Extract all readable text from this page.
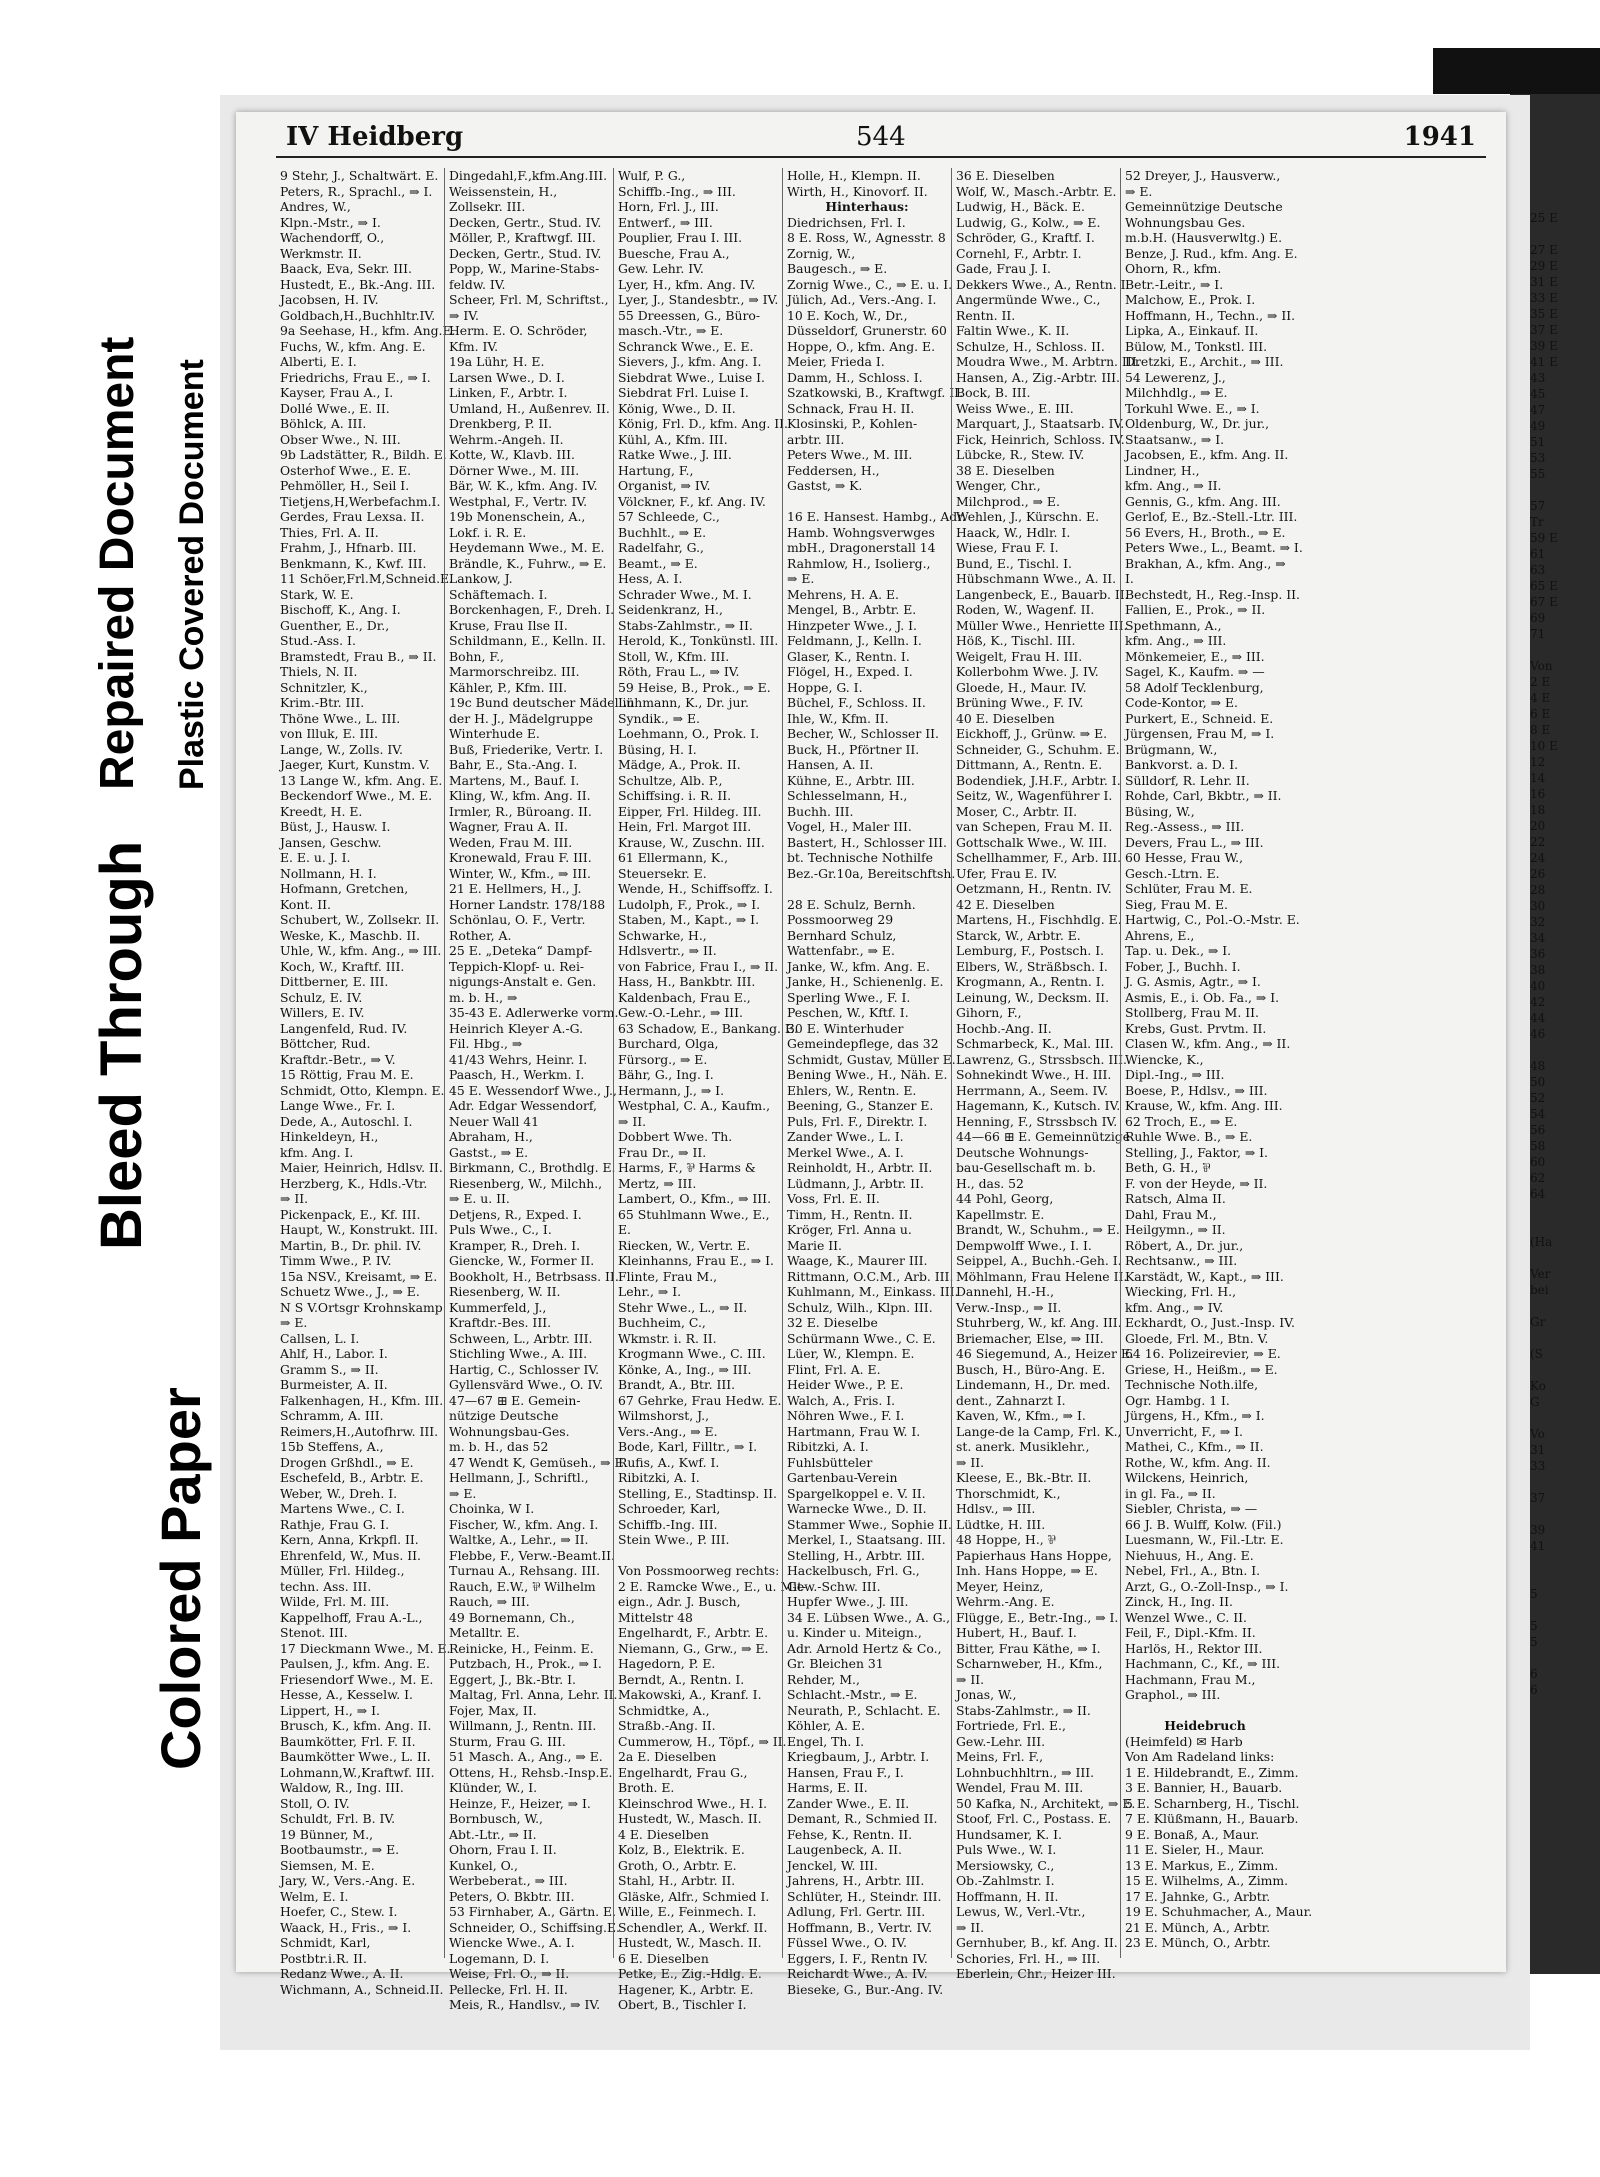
Bleed Through
Repaired Document Plastic Covered Document
Colored Paper
25 E

27 E
29 E
31 E
33 E
35 E
37 E
39 E
41 E
43
45
47
49
51
53
55

57
Tr
59 E
61
63
65 E
67 E
69
71

Von
2 E
4 E
6 E
8 E
10 E
12
14
16
18
20
22
24
26
28
30
32
34
36
38
40
42
44
46

48
50
52
54
56
58
60
62
64

(Ha

Ver
bei

Gr

(S

Ko
G

Vo
31
33

37

39
41

5

5
5

6
6
IV Heidberg	544	1941
9 Stehr, J., Schaltwärt. E.
Peters, R., Sprachl., ⇒ I.
Andres, W.,
Klpn.-Mstr., ⇒ I.
Wachendorff, O.,
Werkmstr. II.
Baack, Eva, Sekr. III.
Hustedt, E., Bk.-Ang. III.
Jacobsen, H. IV.
Goldbach,H.,Buchhltr.IV.
9a Seehase, H., kfm. Ang.E.
Fuchs, W., kfm. Ang. E.
Alberti, E. I.
Friedrichs, Frau E., ⇒ I.
Kayser, Frau A., I.
Dollé Wwe., E. II.
Böhlck, A. III.
Obser Wwe., N. III.
9b Ladstätter, R., Bildh. E.
Osterhof Wwe., E. E.
Pehmöller, H., Seil I.
Tietjens,H,Werbefachm.I.
Gerdes, Frau Lexsa. II.
Thies, Frl. A. II.
Frahm, J., Hfnarb. III.
Benkmann, K., Kwf. III.
11 Schöer,Frl.M,Schneid.E.
Stark, W. E.
Bischoff, K., Ang. I.
Guenther, E., Dr.,
Stud.-Ass. I.
Bramstedt, Frau B., ⇒ II.
Thiels, N. II.
Schnitzler, K.,
Krim.-Btr. III.
Thöne Wwe., L. III.
von Illuk, E. III.
Lange, W., Zolls. IV.
Jaeger, Kurt, Kunstm. V.
13 Lange W., kfm. Ang. E.
Beckendorf Wwe., M. E.
Kreedt, H. E.
Büst, J., Hausw. I.
Jansen, Geschw.
E. E. u. J. I.
Nollmann, H. I.
Hofmann, Gretchen,
Kont. II.
Schubert, W., Zollsekr. II.
Weske, K., Maschb. II.
Uhle, W., kfm. Ang., ⇒ III.
Koch, W., Kraftf. III.
Dittberner, E. III.
Schulz, E. IV.
Willers, E. IV.
Langenfeld, Rud. IV.
Böttcher, Rud.
Kraftdr.-Betr., ⇒ V.
15 Röttig, Frau M. E.
Schmidt, Otto, Klempn. E.
Lange Wwe., Fr. I.
Dede, A., Autoschl. I.
Hinkeldeyn, H.,
kfm. Ang. I.
Maier, Heinrich, Hdlsv. II.
Herzberg, K., Hdls.-Vtr.
⇒ II.
Pickenpack, E., Kf. III.
Haupt, W., Konstrukt. III.
Martin, B., Dr. phil. IV.
Timm Wwe., P. IV.
15a NSV., Kreisamt, ⇒ E.
Schuetz Wwe., J., ⇒ E.
N S V.Ortsgr Krohnskamp
⇒ E.
Callsen, L. I.
Ahlf, H., Labor. I.
Gramm S., ⇒ II.
Burmeister, A. II.
Falkenhagen, H., Kfm. III.
Schramm, A. III.
Reimers,H.,Autofhrw. III.
15b Steffens, A.,
Drogen Grßhdl., ⇒ E.
Eschefeld, B., Arbtr. E.
Weber, W., Dreh. I.
Martens Wwe., C. I.
Rathje, Frau G. I.
Kern, Anna, Krkpfl. II.
Ehrenfeld, W., Mus. II.
Müller, Frl. Hildeg.,
techn. Ass. III.
Wilde, Frl. M. III.
Kappelhoff, Frau A.-L.,
Stenot. III.
17 Dieckmann Wwe., M. E.
Paulsen, J., kfm. Ang. E.
Friesendorf Wwe., M. E.
Hesse, A., Kesselw. I.
Lippert, H., ⇒ I.
Brusch, K., kfm. Ang. II.
Baumkötter, Frl. F. II.
Baumkötter Wwe., L. II.
Lohmann,W.,Kraftwf. III.
Waldow, R., Ing. III.
Stoll, O. IV.
Schuldt, Frl. B. IV.
19 Bünner, M.,
Bootbaumstr., ⇒ E.
Siemsen, M. E.
Jary, W., Vers.-Ang. E.
Welm, E. I.
Hoefer, C., Stew. I.
Waack, H., Fris., ⇒ I.
Schmidt, Karl,
Postbtr.i.R. II.
Redanz Wwe., A. II.
Wichmann, A., Schneid.II.
Dingedahl,F.,kfm.Ang.III.
Weissenstein, H.,
Zollsekr. III.
Decken, Gertr., Stud. IV.
Möller, P., Kraftwgf. III.
Decken, Gertr., Stud. IV.
Popp, W., Marine-Stabs-
feldw. IV.
Scheer, Frl. M, Schriftst.,
⇒ IV.
Herm. E. O. Schröder,
Kfm. IV.
19a Lühr, H. E.
Larsen Wwe., D. I.
Linken, F., Arbtr. I.
Umland, H., Außenrev. II.
Drenkberg, P. II.
Wehrm.-Angeh. II.
Kotte, W., Klavb. III.
Dörner Wwe., M. III.
Bär, W. K., kfm. Ang. IV.
Westphal, F., Vertr. IV.
19b Monenschein, A.,
Lokf. i. R. E.
Heydemann Wwe., M. E.
Brändle, K., Fuhrw., ⇒ E.
Lankow, J.
Schäftemach. I.
Borckenhagen, F., Dreh. I.
Kruse, Frau Ilse II.
Schildmann, E., Kelln. II.
Bohn, F.,
Marmorschreibz. III.
Kähler, P., Kfm. III.
19c Bund deutscher Mädel in
der H. J., Mädelgruppe
Winterhude E.
Buß, Friederike, Vertr. I.
Bahr, E., Sta.-Ang. I.
Martens, M., Bauf. I.
Kling, W., kfm. Ang. II.
Irmler, R., Büroang. II.
Wagner, Frau A. II.
Weden, Frau M. III.
Kronewald, Frau F. III.
Winter, W., Kfm., ⇒ III.
21 E. Hellmers, H., J.
Horner Landstr. 178/188
Schönlau, O. F., Vertr.
Rother, A.
25 E. „Deteka“ Dampf-
Teppich-Klopf- u. Rei-
nigungs-Anstalt e. Gen.
m. b. H., ⇒
35-43 E. Adlerwerke vorm.
Heinrich Kleyer A.-G.
Fil. Hbg., ⇒
41/43 Wehrs, Heinr. I.
Paasch, H., Werkm. I.
45 E. Wessendorf Wwe., J.,
Adr. Edgar Wessendorf,
Neuer Wall 41
Abraham, H.,
Gastst., ⇒ E.
Birkmann, C., Brothdlg. E.
Riesenberg, W., Milchh.,
⇒ E. u. II.
Detjens, R., Exped. I.
Puls Wwe., C., I.
Kramper, R., Dreh. I.
Giencke, W., Former II.
Bookholt, H., Betrbsass. II.
Riesenberg, W. II.
Kummerfeld, J.,
Kraftdr.-Bes. III.
Schween, L., Arbtr. III.
Stichling Wwe., A. III.
Hartig, C., Schlosser IV.
Gyllensvärd Wwe., O. IV.
47—67 ⊞ E. Gemein-
nützige Deutsche
Wohnungsbau-Ges.
m. b. H., das 52
47 Wendt K, Gemüseh., ⇒ E.
Hellmann, J., Schriftl.,
⇒ E.
Choinka, W I.
Fischer, W., kfm. Ang. I.
Waltke, A., Lehr., ⇒ II.
Flebbe, F., Verw.-Beamt.II.
Turnau A., Rehsang. III.
Rauch, E.W., ⅌ Wilhelm
Rauch, ⇒ III.
49 Bornemann, Ch.,
Metalltr. E.
Reinicke, H., Feinm. E.
Putzbach, H., Prok., ⇒ I.
Eggert, J., Bk.-Btr. I.
Maltag, Frl. Anna, Lehr. II.
Fojer, Max, II.
Willmann, J., Rentn. III.
Sturm, Frau G. III.
51 Masch. A., Ang., ⇒ E.
Ottens, H., Rehsb.-Insp.E.
Klünder, W., I.
Heinze, F., Heizer, ⇒ I.
Bornbusch, W.,
Abt.-Ltr., ⇒ II.
Ohorn, Frau I. II.
Kunkel, O.,
Werbeberat., ⇒ III.
Peters, O. Bkbtr. III.
53 Firnhaber, A., Gärtn. E.
Schneider, O., Schiffsing.E.
Wiencke Wwe., A. I.
Logemann, D. I.
Weise, Frl. O., ⇒ II.
Pellecke, Frl. H. II.
Meis, R., Handlsv., ⇒ IV.
Wulf, P. G.,
Schiffb.-Ing., ⇒ III.
Horn, Frl. J., III.
Entwerf., ⇒ III.
Pouplier, Frau I. III.
Buesche, Frau A.,
Gew. Lehr. IV.
Lyer, H., kfm. Ang. IV.
Lyer, J., Standesbtr., ⇒ IV.
55 Dreessen, G., Büro-
masch.-Vtr., ⇒ E.
Schranck Wwe., E. E.
Sievers, J., kfm. Ang. I.
Siebdrat Wwe., Luise I.
Siebdrat Frl. Luise I.
König, Wwe., D. II.
König, Frl. D., kfm. Ang. II.
Kühl, A., Kfm. III.
Ratke Wwe., J. III.
Hartung, F.,
Organist, ⇒ IV.
Völckner, F., kf. Ang. IV.
57 Schleede, C.,
Buchhlt., ⇒ E.
Radelfahr, G.,
Beamt., ⇒ E.
Hess, A. I.
Schrader Wwe., M. I.
Seidenkranz, H.,
Stabs-Zahlmstr., ⇒ II.
Herold, K., Tonkünstl. III.
Stoll, W., Kfm. III.
Röth, Frau L., ⇒ IV.
59 Heise, B., Prok., ⇒ E.
Lühmann, K., Dr. jur.
Syndik., ⇒ E.
Loehmann, O., Prok. I.
Büsing, H. I.
Mädge, A., Prok. II.
Schultze, Alb. P.,
Schiffsing. i. R. II.
Eipper, Frl. Hildeg. III.
Hein, Frl. Margot III.
Krause, W., Zuschn. III.
61 Ellermann, K.,
Steuersekr. E.
Wende, H., Schiffsoffz. I.
Ludolph, F., Prok., ⇒ I.
Staben, M., Kapt., ⇒ I.
Schwarke, H.,
Hdlsvertr., ⇒ II.
von Fabrice, Frau I., ⇒ II.
Hass, H., Bankbtr. III.
Kaldenbach, Frau E.,
Gew.-O.-Lehr., ⇒ III.
63 Schadow, E., Bankang. E.
Burchard, Olga,
Fürsorg., ⇒ E.
Bähr, G., Ing. I.
Hermann, J., ⇒ I.
Westphal, C. A., Kaufm.,
⇒ II.
Dobbert Wwe. Th.
Frau Dr., ⇒ II.
Harms, F., ⅌ Harms &
Mertz, ⇒ III.
Lambert, O., Kfm., ⇒ III.
65 Stuhlmann Wwe., E.,
E.
Riecken, W., Vertr. E.
Kleinhanns, Frau E., ⇒ I.
Flinte, Frau M.,
Lehr., ⇒ I.
Stehr Wwe., L., ⇒ II.
Buchheim, C.,
Wkmstr. i. R. II.
Krogmann Wwe., C. III.
Könke, A., Ing., ⇒ III.
Brandt, A., Btr. III.
67 Gehrke, Frau Hedw. E.
Wilmshorst, J.,
Vers.-Ang., ⇒ E.
Bode, Karl, Filltr., ⇒ I.
Rufis, A., Kwf. I.
Ribitzki, A. I.
Stelling, E., Stadtinsp. II.
Schroeder, Karl,
Schiffb.-Ing. III.
Stein Wwe., P. III.

Von Possmoorweg rechts:
2 E. Ramcke Wwe., E., u. Mit-
eign., Adr. J. Busch,
Mittelstr 48
Engelhardt, F., Arbtr. E.
Niemann, G., Grw., ⇒ E.
Hagedorn, P. E.
Berndt, A., Rentn. I.
Makowski, A., Kranf. I.
Schmidtke, A.,
Straßb.-Ang. II.
Cummerow, H., Töpf., ⇒ II.
2a E. Dieselben
Engelhardt, Frau G.,
Broth. E.
Kleinschrod Wwe., H. I.
Hustedt, W., Masch. II.
4 E. Dieselben
Kolz, B., Elektrik. E.
Groth, O., Arbtr. E.
Stahl, H., Arbtr. II.
Gläske, Alfr., Schmied I.
Wille, E., Feinmech. I.
Schendler, A., Werkf. II.
Hustedt, W., Masch. II.
6 E. Dieselben
Petke, E., Zig.-Hdlg. E.
Hagener, K., Arbtr. E.
Obert, B., Tischler I.
Holle, H., Klempn. II.
Wirth, H., Kinovorf. II.
Hinterhaus:
Diedrichsen, Frl. I.
8 E. Ross, W., Agnesstr. 8
Zornig, W.,
Baugesch., ⇒ E.
Zornig Wwe., C., ⇒ E. u. I.
Jülich, Ad., Vers.-Ang. I.
10 E. Koch, W., Dr.,
Düsseldorf, Grunerstr. 60
Hoppe, O., kfm. Ang. E.
Meier, Frieda I.
Damm, H., Schloss. I.
Szatkowski, B., Kraftwgf. II.
Schnack, Frau H. II.
Klosinski, P., Kohlen-
arbtr. III.
Peters Wwe., M. III.
Feddersen, H.,
Gastst, ⇒ K.

16 E. Hansest. Hambg., Adr.
Hamb. Wohngsverwges
mbH., Dragonerstall 14
Rahmlow, H., Isolierg.,
⇒ E.
Mehrens, H. A. E.
Mengel, B., Arbtr. E.
Hinzpeter Wwe., J. I.
Feldmann, J., Kelln. I.
Glaser, K., Rentn. I.
Flögel, H., Exped. I.
Hoppe, G. I.
Büchel, F., Schloss. II.
Ihle, W., Kfm. II.
Becher, W., Schlosser II.
Buck, H., Pförtner II.
Hansen, A. II.
Kühne, E., Arbtr. III.
Schlesselmann, H.,
Buchh. III.
Vogel, H., Maler III.
Bastert, H., Schlosser III.
bt. Technische Nothilfe
Bez.-Gr.10a, Bereitschftsh.

28 E. Schulz, Bernh.
Possmoorweg 29
Bernhard Schulz,
Wattenfabr., ⇒ E.
Janke, W., kfm. Ang. E.
Janke, H., Schienenlg. E.
Sperling Wwe., F. I.
Peschen, W., Kftf. I.
30 E. Winterhuder
Gemeindepflege, das 32
Schmidt, Gustav, Müller E.
Bening Wwe., H., Näh. E.
Ehlers, W., Rentn. E.
Beening, G., Stanzer E.
Puls, Frl. F., Direktr. I.
Zander Wwe., L. I.
Merkel Wwe., A. I.
Reinholdt, H., Arbtr. II.
Lüdmann, J., Arbtr. II.
Voss, Frl. E. II.
Timm, H., Rentn. II.
Kröger, Frl. Anna u.
Marie II.
Waage, K., Maurer III.
Rittmann, O.C.M., Arb. III.
Kuhlmann, M., Einkass. III.
Schulz, Wilh., Klpn. III.
32 E. Dieselbe
Schürmann Wwe., C. E.
Lüer, W., Klempn. E.
Flint, Frl. A. E.
Heider Wwe., P. E.
Walch, A., Fris. I.
Nöhren Wwe., F. I.
Hartmann, Frau W. I.
Ribitzki, A. I.
Fuhlsbütteler
Gartenbau-Verein
Spargelkoppel e. V. II.
Warnecke Wwe., D. II.
Stammer Wwe., Sophie II.
Merkel, I., Staatsang. III.
Stelling, H., Arbtr. III.
Hackelbusch, Frl. G.,
Gew.-Schw. III.
Hupfer Wwe., J. III.
34 E. Lübsen Wwe., A. G.,
u. Kinder u. Miteign.,
Adr. Arnold Hertz & Co.,
Gr. Bleichen 31
Rehder, M.,
Schlacht.-Mstr., ⇒ E.
Neurath, P., Schlacht. E.
Köhler, A. E.
Engel, Th. I.
Kriegbaum, J., Arbtr. I.
Hansen, Frau F., I.
Harms, E. II.
Zander Wwe., E. II.
Demant, R., Schmied II.
Fehse, K., Rentn. II.
Laugenbeck, A. II.
Jenckel, W. III.
Jahrens, H., Arbtr. III.
Schlüter, H., Steindr. III.
Adlung, Frl. Gertr. III.
Hoffmann, B., Vertr. IV.
Füssel Wwe., O. IV.
Eggers, I. F., Rentn IV.
Reichardt Wwe., A. IV.
Bieseke, G., Bur.-Ang. IV.
36 E. Dieselben
Wolf, W., Masch.-Arbtr. E.
Ludwig, H., Bäck. E.
Ludwig, G., Kolw., ⇒ E.
Schröder, G., Kraftf. I.
Cornehl, F., Arbtr. I.
Gade, Frau J. I.
Dekkers Wwe., A., Rentn. I.
Angermünde Wwe., C.,
Rentn. II.
Faltin Wwe., K. II.
Schulze, H., Schloss. II.
Moudra Wwe., M. Arbtrn. III.
Hansen, A., Zig.-Arbtr. III.
Bock, B. III.
Weiss Wwe., E. III.
Marquart, J., Staatsarb. IV.
Fick, Heinrich, Schloss. IV.
Lübcke, R., Stew. IV.
38 E. Dieselben
Wenger, Chr.,
Milchprod., ⇒ E.
Wehlen, J., Kürschn. E.
Haack, W., Hdlr. I.
Wiese, Frau F. I.
Bund, E., Tischl. I.
Hübschmann Wwe., A. II.
Langenbeck, E., Bauarb. II.
Roden, W., Wagenf. II.
Müller Wwe., Henriette III.
Höß, K., Tischl. III.
Weigelt, Frau H. III.
Kollerbohm Wwe. J. IV.
Gloede, H., Maur. IV.
Brüning Wwe., F. IV.
40 E. Dieselben
Eickhoff, J., Grünw. ⇒ E.
Schneider, G., Schuhm. E.
Dittmann, A., Rentn. E.
Bodendiek, J.H.F., Arbtr. I.
Seitz, W., Wagenführer I.
Moser, C., Arbtr. II.
van Schepen, Frau M. II.
Gottschalk Wwe., W. III.
Schellhammer, F., Arb. III.
Ufer, Frau E. IV.
Oetzmann, H., Rentn. IV.
42 E. Dieselben
Martens, H., Fischhdlg. E.
Starck, W., Arbtr. E.
Lemburg, F., Postsch. I.
Elbers, W., Sträßbsch. I.
Krogmann, A., Rentn. I.
Leinung, W., Decksm. II.
Gihorn, F.,
Hochb.-Ang. II.
Schmarbeck, K., Mal. III.
Lawrenz, G., Strssbsch. III.
Sohnekindt Wwe., H. III.
Herrmann, A., Seem. IV.
Hagemann, K., Kutsch. IV.
Henning, F., Strssbsch IV.
44—66 ⊞ E. Gemeinnützige
Deutsche Wohnungs-
bau-Gesellschaft m. b.
H., das. 52
44 Pohl, Georg,
Kapellmstr. E.
Brandt, W., Schuhm., ⇒ E.
Dempwolff Wwe., I. I.
Seippel, A., Buchh.-Geh. I.
Möhlmann, Frau Helene II.
Dannehl, H.-H.,
Verw.-Insp., ⇒ II.
Stuhrberg, W., kf. Ang. III.
Briemacher, Else, ⇒ III.
46 Siegemund, A., Heizer E.
Busch, H., Büro-Ang. E.
Lindemann, H., Dr. med.
dent., Zahnarzt I.
Kaven, W., Kfm., ⇒ I.
Lange-de la Camp, Frl. K.,
st. anerk. Musiklehr.,
⇒ II.
Kleese, E., Bk.-Btr. II.
Thorschmidt, K.,
Hdlsv., ⇒ III.
Lüdtke, H. III.
48 Hoppe, H., ⅌
Papierhaus Hans Hoppe,
Inh. Hans Hoppe, ⇒ E.
Meyer, Heinz,
Wehrm.-Ang. E.
Flügge, E., Betr.-Ing., ⇒ I.
Hubert, H., Bauf. I.
Bitter, Frau Käthe, ⇒ I.
Scharnweber, H., Kfm.,
⇒ II.
Jonas, W.,
Stabs-Zahlmstr., ⇒ II.
Fortriede, Frl. E.,
Gew.-Lehr. III.
Meins, Frl. F.,
Lohnbuchhltrn., ⇒ III.
Wendel, Frau M. III.
50 Kafka, N., Architekt, ⇒ E.
Stoof, Frl. C., Postass. E.
Hundsamer, K. I.
Puls Wwe., W. I.
Mersiowsky, C.,
Ob.-Zahlmstr. I.
Hoffmann, H. II.
Lewus, W., Verl.-Vtr.,
⇒ II.
Gernhuber, B., kf. Ang. II.
Schories, Frl. H., ⇒ III.
Eberlein, Chr., Heizer III.
52 Dreyer, J., Hausverw.,
⇒ E.
Gemeinnützige Deutsche
Wohnungsbau Ges.
m.b.H. (Hausverwltg.) E.
Benze, J. Rud., kfm. Ang. E.
Ohorn, R., kfm.
Betr.-Leitr., ⇒ I.
Malchow, E., Prok. I.
Hoffmann, H., Techn., ⇒ II.
Lipka, A., Einkauf. II.
Bülow, M., Tonkstl. III.
Dretzki, E., Archit., ⇒ III.
54 Lewerenz, J.,
Milchhdlg., ⇒ E.
Torkuhl Wwe. E., ⇒ I.
Oldenburg, W., Dr. jur.,
Staatsanw., ⇒ I.
Jacobsen, E., kfm. Ang. II.
Lindner, H.,
kfm. Ang., ⇒ II.
Gennis, G., kfm. Ang. III.
Gerlof, E., Bz.-Stell.-Ltr. III.
56 Evers, H., Broth., ⇒ E.
Peters Wwe., L., Beamt. ⇒ I.
Brakhan, A., kfm. Ang., ⇒
I.
Bechstedt, H., Reg.-Insp. II.
Fallien, E., Prok., ⇒ II.
Spethmann, A.,
kfm. Ang., ⇒ III.
Mönkemeier, E., ⇒ III.
Sagel, K., Kaufm. ⇒ —
58 Adolf Tecklenburg,
Code-Kontor, ⇒ E.
Purkert, E., Schneid. E.
Jürgensen, Frau M, ⇒ I.
Brügmann, W.,
Bankvorst. a. D. I.
Sülldorf, R. Lehr. II.
Rohde, Carl, Bkbtr., ⇒ II.
Büsing, W.,
Reg.-Assess., ⇒ III.
Devers, Frau L., ⇒ III.
60 Hesse, Frau W.,
Gesch.-Ltrn. E.
Schlüter, Frau M. E.
Sieg, Frau M. E.
Hartwig, C., Pol.-O.-Mstr. E.
Ahrens, E.,
Tap. u. Dek., ⇒ I.
Fober, J., Buchh. I.
J. G. Asmis, Agtr., ⇒ I.
Asmis, E., i. Ob. Fa., ⇒ I.
Stollberg, Frau M. II.
Krebs, Gust. Prvtm. II.
Clasen W., kfm. Ang., ⇒ II.
Wiencke, K.,
Dipl.-Ing., ⇒ III.
Boese, P., Hdlsv., ⇒ III.
Krause, W., kfm. Ang. III.
62 Troch, E., ⇒ E.
Ruhle Wwe. B., ⇒ E.
Stelling, J., Faktor, ⇒ I.
Beth, G. H., ⅌
F. von der Heyde, ⇒ II.
Ratsch, Alma II.
Dahl, Frau M.,
Heilgymn., ⇒ II.
Röbert, A., Dr. jur.,
Rechtsanw., ⇒ III.
Karstädt, W., Kapt., ⇒ III.
Wiecking, Frl. H.,
kfm. Ang., ⇒ IV.
Eckhardt, O., Just.-Insp. IV.
Gloede, Frl. M., Btn. V.
64 16. Polizeirevier, ⇒ E.
Griese, H., Heißm., ⇒ E.
Technische Noth.ilfe,
Ogr. Hambg. 1 I.
Jürgens, H., Kfm., ⇒ I.
Unverricht, F., ⇒ I.
Mathei, C., Kfm., ⇒ II.
Rothe, W., kfm. Ang. II.
Wilckens, Heinrich,
in gl. Fa., ⇒ II.
Siebler, Christa, ⇒ —
66 J. B. Wulff, Kolw. (Fil.)
Luesmann, W., Fil.-Ltr. E.
Niehuus, H., Ang. E.
Nebel, Frl., A., Btn. I.
Arzt, G., O.-Zoll-Insp., ⇒ I.
Zinck, H., Ing. II.
Wenzel Wwe., C. II.
Feil, F., Dipl.-Kfm. II.
Harlös, H., Rektor III.
Hachmann, C., Kf., ⇒ III.
Hachmann, Frau M.,
Graphol., ⇒ III.

Heidebruch
(Heimfeld) ✉ Harb
Von Am Radeland links:
1 E. Hildebrandt, E., Zimm.
3 E. Bannier, H., Bauarb.
5 E. Scharnberg, H., Tischl.
7 E. Klüßmann, H., Bauarb.
9 E. Bonaß, A., Maur.
11 E. Sieler, H., Maur.
13 E. Markus, E., Zimm.
15 E. Wilhelms, A., Zimm.
17 E. Jahnke, G., Arbtr.
19 E. Schuhmacher, A., Maur.
21 E. Münch, A., Arbtr.
23 E. Münch, O., Arbtr.
